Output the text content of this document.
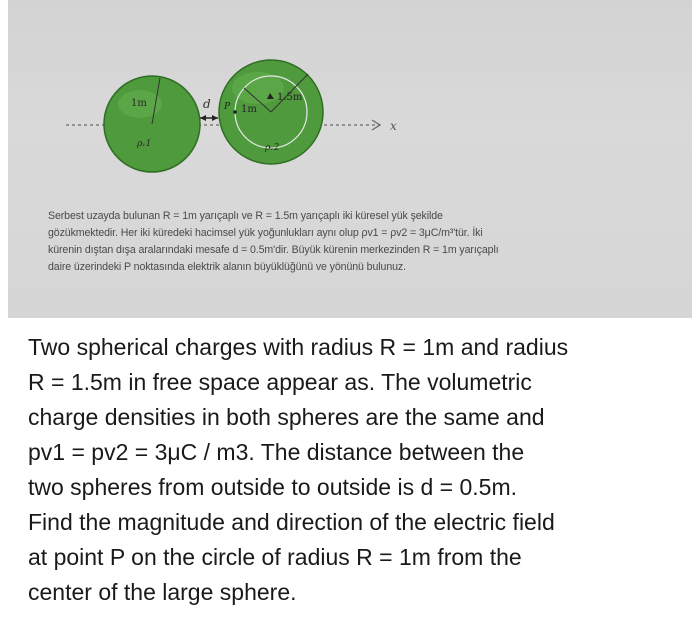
x
1m
ρᵥ1
d	1.5m
1m
P
ρᵥ2
Serbest uzayda bulunan R = 1m yarıçaplı ve R = 1.5m yarıçaplı iki küresel yük şekilde
gözükmektedir. Her iki küredeki hacimsel yük yoğunlukları aynı olup ρv1 = ρv2 = 3μC/m³'tür. İki
kürenin dıştan dışa aralarındaki mesafe d = 0.5m'dir. Büyük kürenin merkezinden R = 1m yarıçaplı
daire üzerindeki P noktasında elektrik alanın büyüklüğünü ve yönünü bulunuz.
Two spherical charges with radius R = 1m and radius
R = 1.5m in free space appear as. The volumetric
charge densities in both spheres are the same and
pv1 = pv2 = 3μC / m3. The distance between the
two spheres from outside to outside is d = 0.5m.
Find the magnitude and direction of the electric field
at point P on the circle of radius R = 1m from the
center of the large sphere.
